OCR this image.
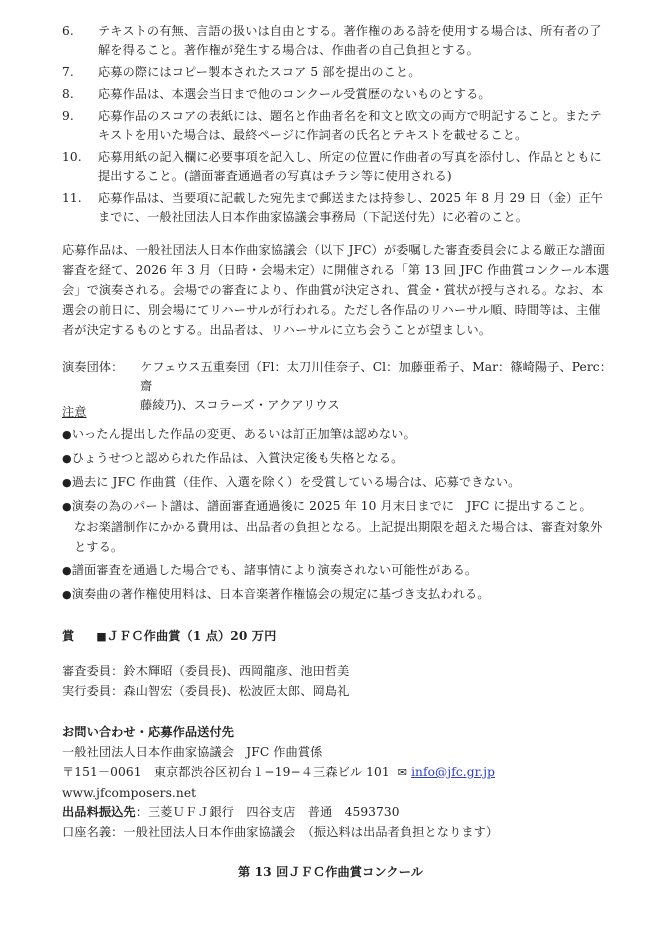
6. テキストの有無、言語の扱いは自由とする。著作権のある詩を使用する場合は、所有者の了
解を得ること。著作権が発生する場合は、作曲者の自己負担とする。
7. 応募の際にはコピー製本されたスコア 5 部を提出のこと。
8. 応募作品は、本選会当日まで他のコンクール受賞歴のないものとする。
9. 応募作品のスコアの表紙には、題名と作曲者名を和文と欧文の両方で明記すること。またテ
キストを用いた場合は、最終ページに作詞者の氏名とテキストを載せること。
10. 応募用紙の記入欄に必要事項を記入し、所定の位置に作曲者の写真を添付し、作品とともに
提出すること。(譜面審査通過者の写真はチラシ等に使用される)
11. 応募作品は、当要項に記載した宛先まで郵送または持参し、2025 年 8 月 29 日（金）正午
までに、一般社団法人日本作曲家協議会事務局（下記送付先）に必着のこと。
応募作品は、一般社団法人日本作曲家協議会（以下 JFC）が委嘱した審査委員会による厳正な譜面
審査を経て、2026 年 3 月（日時・会場未定）に開催される「第 13 回 JFC 作曲賞コンクール本選
会」で演奏される。会場での審査により、作曲賞が決定され、賞金・賞状が授与される。なお、本
選会の前日に、別会場にてリハーサルが行われる。ただし各作品のリハーサル順、時間等は、主催
者が決定するものとする。出品者は、リハーサルに立ち会うことが望ましい。
演奏団体： ケフェウス五重奏団（Fl：太刀川佳奈子、Cl：加藤亜希子、Mar：篠崎陽子、Perc：齋
藤綾乃)、スコラーズ・アクアリウス
注意
●いったん提出した作品の変更、あるいは訂正加筆は認めない。
●ひょうせつと認められた作品は、入賞決定後も失格となる。
●過去に JFC 作曲賞（佳作、入選を除く）を受賞している場合は、応募できない。
●演奏の為のパート譜は、譜面審査通過後に 2025 年 10 月末日までに　JFC に提出すること。
なお楽譜制作にかかる費用は、出品者の負担となる。上記提出期限を超えた場合は、審査対象外
とする。
●譜面審査を通過した場合でも、諸事情により演奏されない可能性がある。
●演奏曲の著作権使用料は、日本音楽著作権協会の規定に基づき支払われる。
賞 ■ＪＦＣ作曲賞（1 点）20 万円
審査委員：鈴木輝昭（委員長)、西岡龍彦、池田哲美
実行委員：森山智宏（委員長)、松波匠太郎、岡島礼
お問い合わせ・応募作品送付先
一般社団法人日本作曲家協議会　JFC 作曲賞係
〒151－0061　東京都渋谷区初台１−19−４三森ビル 101 ✉ info@jfc.gr.jp　www.jfcomposers.net
出品料振込先：三菱ＵＦＪ銀行　四谷支店　普通　4593730
口座名義：一般社団法人日本作曲家協議会　（振込料は出品者負担となります）
第 13 回ＪＦＣ作曲賞コンクール
